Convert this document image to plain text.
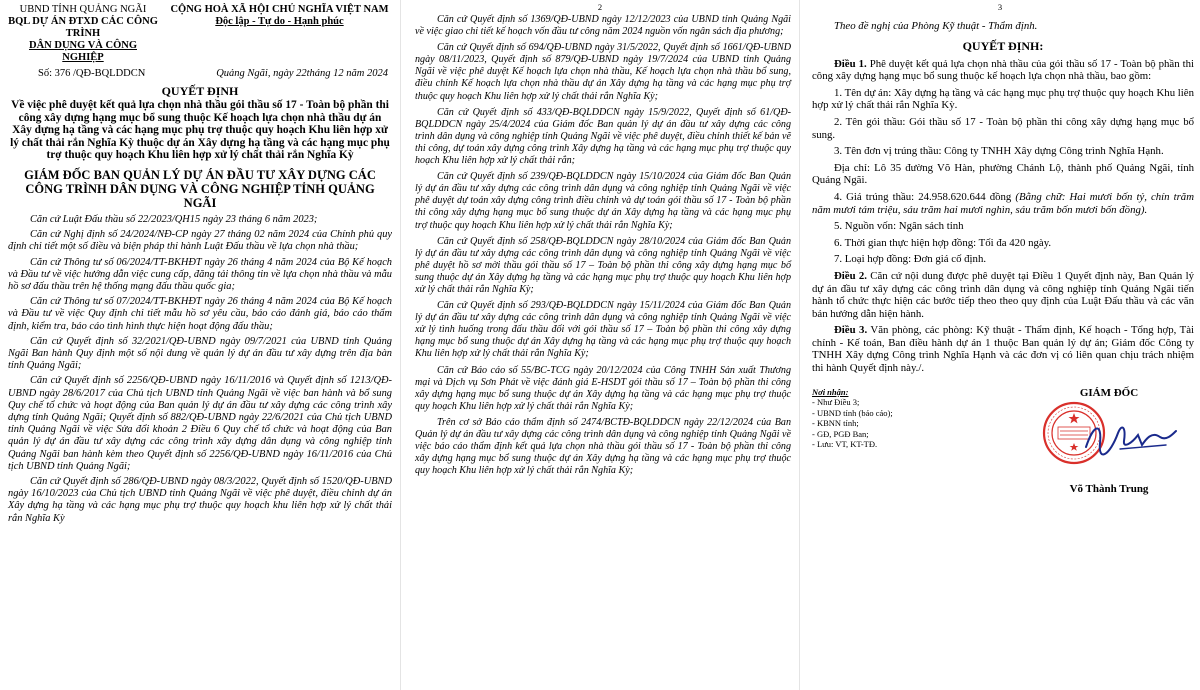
UBND TỈNH QUẢNG NGÃI
BQL DỰ ÁN ĐTXD CÁC CÔNG TRÌNH
DÂN DỤNG VÀ CÔNG NGHIỆP
CỘNG HOÀ XÃ HỘI CHỦ NGHĨA VIỆT NAM
Độc lập - Tự do - Hạnh phúc
Số: 376 /QĐ-BQLDDCN	Quảng Ngãi, ngày 22tháng 12 năm 2024
QUYẾT ĐỊNH
Về việc phê duyệt kết quả lựa chọn nhà thầu gói thầu số 17 - Toàn bộ phần thi công xây dựng hạng mục bổ sung thuộc Kế hoạch lựa chọn nhà thầu dự án Xây dựng hạ tầng và các hạng mục phụ trợ thuộc quy hoạch Khu liên hợp xử lý chất thải rắn Nghĩa Kỳ thuộc dự án Xây dựng hạ tầng và các hạng mục phụ trợ thuộc quy hoạch Khu liên hợp xử lý chất thải rắn Nghĩa Kỳ
GIÁM ĐỐC BAN QUẢN LÝ DỰ ÁN ĐẦU TƯ XÂY DỰNG CÁC CÔNG TRÌNH DÂN DỤNG VÀ CÔNG NGHIỆP TỈNH QUẢNG NGÃI

Căn cứ Luật Đấu thầu số 22/2023/QH15 ngày 23 tháng 6 năm 2023;

Căn cứ Nghị định số 24/2024/NĐ-CP ngày 27 tháng 02 năm 2024 của Chính phủ quy định chi tiết một số điều và biện pháp thi hành Luật Đấu thầu về lựa chọn nhà thầu;

Căn cứ Thông tư số 06/2024/TT-BKHĐT ngày 26 tháng 4 năm 2024 của Bộ Kế hoạch và Đầu tư về việc hướng dẫn việc cung cấp, đăng tải thông tin về lựa chọn nhà thầu và mẫu hồ sơ đấu thầu trên hệ thống mạng đấu thầu quốc gia;

Căn cứ Thông tư số 07/2024/TT-BKHĐT ngày 26 tháng 4 năm 2024 của Bộ Kế hoạch và Đầu tư về việc Quy định chi tiết mẫu hồ sơ yêu cầu, báo cáo đánh giá, báo cáo thẩm định, kiểm tra, báo cáo tình hình thực hiện hoạt động đấu thầu;

Căn cứ Quyết định số 32/2021/QĐ-UBND ngày 09/7/2021 của UBND tỉnh Quảng Ngãi Ban hành Quy định một số nội dung về quản lý dự án đầu tư xây dựng trên địa bàn tỉnh Quảng Ngãi;

Căn cứ Quyết định số 2256/QĐ-UBND ngày 16/11/2016 và Quyết định số 1213/QĐ-UBND ngày 28/6/2017 của Chủ tịch UBND tỉnh Quảng Ngãi về việc ban hành và bổ sung Quy chế tổ chức và hoạt động của Ban quản lý dự án đầu tư xây dựng các công trình xây dựng tỉnh Quảng Ngãi; Quyết định số 882/QĐ-UBND ngày 22/6/2021 của Chủ tịch UBND tỉnh Quảng Ngãi về việc Sửa đổi khoản 2 Điều 6 Quy chế tổ chức và hoạt động của Ban quản lý dự án đầu tư xây dựng các công trình xây dựng dân dụng và công nghiệp tỉnh Quảng Ngãi ban hành kèm theo Quyết định số 2256/QĐ-UBND ngày 16/11/2016 của Chủ tịch UBND tỉnh Quảng Ngãi;

Căn cứ Quyết định số 286/QĐ-UBND ngày 08/3/2022, Quyết định số 1520/QĐ-UBND ngày 16/10/2023 của Chủ tịch UBND tỉnh Quảng Ngãi về việc phê duyệt, điều chỉnh dự án Xây dựng hạ tầng và các hạng mục phụ trợ thuộc quy hoạch khu liên hợp xử lý chất thải rắn Nghĩa Kỳ

2

Căn cứ Quyết định số 1369/QĐ-UBND ngày 12/12/2023 của UBND tỉnh Quảng Ngãi về việc giao chi tiết kế hoạch vốn đầu tư công năm 2024 nguồn vốn ngân sách địa phương;

Căn cứ Quyết định số 694/QĐ-UBND ngày 31/5/2022, Quyết định số 1661/QĐ-UBND ngày 08/11/2023, Quyết định số 879/QĐ-UBND ngày 19/7/2024 của UBND tỉnh Quảng Ngãi về việc phê duyệt Kế hoạch lựa chọn nhà thầu, Kế hoạch lựa chọn nhà thầu bổ sung, điều chỉnh Kế hoạch lựa chọn nhà thầu dự án Xây dựng hạ tầng và các hạng mục phụ trợ thuộc quy hoạch Khu liên hợp xử lý chất thải rắn Nghĩa Kỳ;

Căn cứ Quyết định số 433/QĐ-BQLDDCN ngày 15/9/2022, Quyết định số 61/QĐ-BQLDDCN ngày 25/4/2024 của Giám đốc Ban quản lý dự án đầu tư xây dựng các công trình dân dụng và công nghiệp tỉnh Quảng Ngãi về việc phê duyệt, điều chỉnh thiết kế bản vẽ thi công, dự toán xây dựng công trình Xây dựng hạ tầng và các hạng mục phụ trợ thuộc quy hoạch Khu liên hợp xử lý chất thải rắn;

Căn cứ Quyết định số 239/QĐ-BQLDDCN ngày 15/10/2024 của Giám đốc Ban Quản lý dự án đầu tư xây dựng các công trình dân dụng và công nghiệp tỉnh Quảng Ngãi về việc phê duyệt dự toán xây dựng công trình điều chỉnh và dự toán gói thầu số 17 - Toàn bộ phần thi công xây dựng hạng mục bổ sung thuộc dự án Xây dựng hạ tầng và các hạng mục phụ trợ thuộc quy hoạch Khu liên hợp xử lý chất thải rắn Nghĩa Kỳ;

Căn cứ Quyết định số 258/QĐ-BQLDDCN ngày 28/10/2024 của Giám đốc Ban Quản lý dự án đầu tư xây dựng các công trình dân dụng và công nghiệp tỉnh Quảng Ngãi về việc phê duyệt hồ sơ mời thầu gói thầu số 17 – Toàn bộ phần thi công xây dựng hạng mục bổ sung thuộc dự án Xây dựng hạ tầng và các hạng mục phụ trợ thuộc quy hoạch Khu liên hợp xử lý chất thải rắn Nghĩa Kỳ;

Căn cứ Quyết định số 293/QĐ-BQLDDCN ngày 15/11/2024 của Giám đốc Ban Quản lý dự án đầu tư xây dựng các công trình dân dụng và công nghiệp tỉnh Quảng Ngãi về việc xử lý tình huống trong đấu thầu đối với gói thầu số 17 – Toàn bộ phần thi công xây dựng hạng mục bổ sung thuộc dự án Xây dựng hạ tầng và các hạng mục phụ trợ thuộc quy hoạch Khu liên hợp xử lý chất thải rắn Nghĩa Kỳ;

Căn cứ Báo cáo số 55/BC-TCG ngày 20/12/2024 của Công TNHH Sản xuất Thương mại và Dịch vụ Sơn Phát về việc đánh giá E-HSDT gói thầu số 17 – Toàn bộ phần thi công xây dựng hạng mục bổ sung thuộc dự án Xây dựng hạ tầng và các hạng mục phụ trợ thuộc quy hoạch Khu liên hợp xử lý chất thải rắn Nghĩa Kỳ;

Trên cơ sở Báo cáo thẩm định số 2474/BCTĐ-BQLDDCN ngày 22/12/2024 của Ban Quản lý dự án đầu tư xây dựng các công trình dân dụng và công nghiệp tỉnh Quảng Ngãi về việc báo cáo thẩm định kết quả lựa chọn nhà thầu gói thầu số 17 - Toàn bộ phần thi công xây dựng hạng mục bổ sung thuộc dự án Xây dựng hạ tầng và các hạng mục phụ trợ thuộc quy hoạch Khu liên hợp xử lý chất thải rắn Nghĩa Kỳ;

3

Theo đề nghị của Phòng Kỹ thuật - Thẩm định.

QUYẾT ĐỊNH:

Điều 1. Phê duyệt kết quả lựa chọn nhà thầu của gói thầu số 17 - Toàn bộ phần thi công xây dựng hạng mục bổ sung thuộc kế hoạch lựa chọn nhà thầu, bao gồm:

1. Tên dự án: Xây dựng hạ tầng và các hạng mục phụ trợ thuộc quy hoạch Khu liên hợp xử lý chất thải rắn Nghĩa Kỳ.

2. Tên gói thầu: Gói thầu số 17 - Toàn bộ phần thi công xây dựng hạng mục bổ sung.

3. Tên đơn vị trúng thầu: Công ty TNHH Xây dựng Công trình Nghĩa Hạnh.

Địa chỉ: Lô 35 đường Võ Hàn, phường Chánh Lộ, thành phố Quảng Ngãi, tỉnh Quảng Ngãi.

4. Giá trúng thầu: 24.958.620.644 đồng (Bằng chữ: Hai mươi bốn tỷ, chín trăm năm mươi tám triệu, sáu trăm hai mươi nghìn, sáu trăm bốn mươi bốn đồng).

5. Nguồn vốn: Ngân sách tỉnh

6. Thời gian thực hiện hợp đồng: Tối đa 420 ngày.

7. Loại hợp đồng: Đơn giá cố định.

Điều 2. Căn cứ nội dung được phê duyệt tại Điều 1 Quyết định này, Ban Quản lý dự án đầu tư xây dựng các công trình dân dụng và công nghiệp tỉnh Quảng Ngãi tiến hành tổ chức thực hiện các bước tiếp theo theo quy định của Luật Đấu thầu và các văn bản hướng dẫn hiện hành.

Điều 3. Văn phòng, các phòng: Kỹ thuật - Thẩm định, Kế hoạch - Tổng hợp, Tài chính - Kế toán, Ban điều hành dự án 1 thuộc Ban quản lý dự án; Giám đốc Công ty TNHH Xây dựng Công trình Nghĩa Hạnh và các đơn vị có liên quan chịu trách nhiệm thi hành Quyết định này./.

Nơi nhận:
- Như Điều 3;
- UBND tỉnh (báo cáo);
- KBNN tỉnh;
- GĐ, PGĐ Ban;
- Lưu: VT, KT-TĐ.
GIÁM ĐỐC
Võ Thành Trung
